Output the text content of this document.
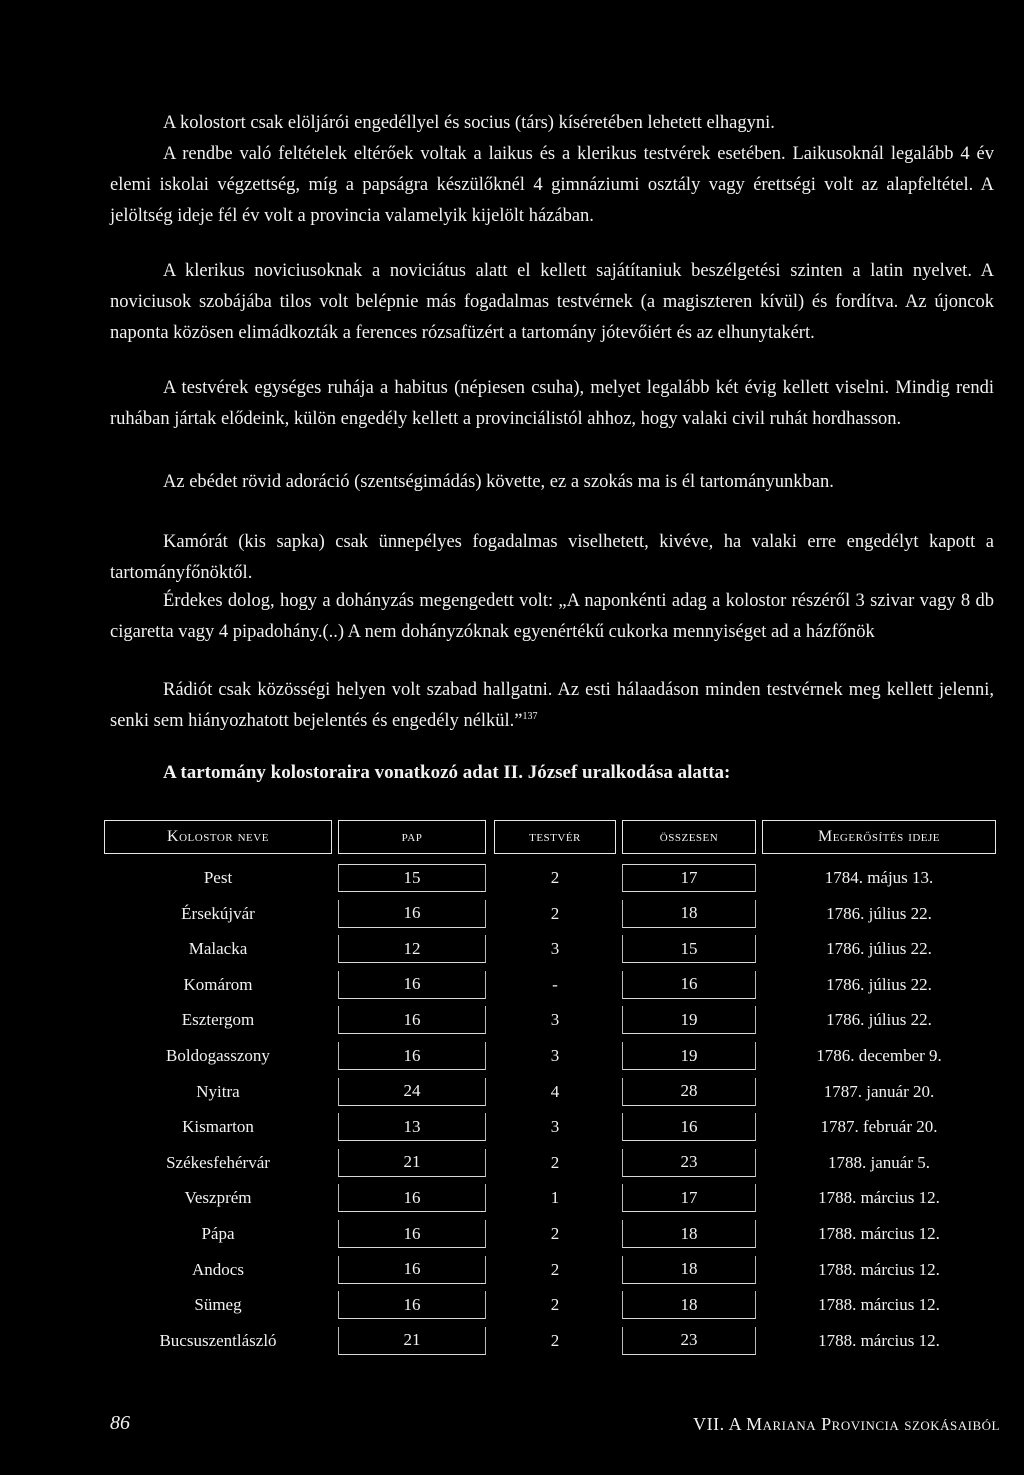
A kolostort csak elöljárói engedéllyel és socius (társ) kíséretében lehetett elhagyni.

A rendbe való feltételek eltérőek voltak a laikus és a klerikus testvérek esetében. Laikusoknál legalább 4 év elemi iskolai végzettség, míg a papságra készülőknél 4 gimnáziumi osztály vagy érettségi volt az alapfeltétel. A jelöltség ideje fél év volt a provincia valamelyik kijelölt házában.

A klerikus noviciusoknak a noviciátus alatt el kellett sajátítaniuk beszélgetési szinten a latin nyelvet. A noviciusok szobájába tilos volt belépnie más fogadalmas testvérnek (a magiszteren kívül) és fordítva. Az újoncok naponta közösen elimádkozták a ferences rózsafüzért a tartomány jótevőiért és az elhunytakért.

A testvérek egységes ruhája a habitus (népiesen csuha), melyet legalább két évig kellett viselni. Mindig rendi ruhában jártak elődeink, külön engedély kellett a provinciálistól ahhoz, hogy valaki civil ruhát hordhasson.

Az ebédet rövid adoráció (szentségimádás) követte, ez a szokás ma is él tartományunkban.

Kamórát (kis sapka) csak ünnepélyes fogadalmas viselhetett, kivéve, ha valaki erre engedélyt kapott a tartományfőnöktől.

Érdekes dolog, hogy a dohányzás megengedett volt: „A naponkénti adag a kolostor részéről 3 szivar vagy 8 db cigaretta vagy 4 pipadohány.(..) A nem dohányzóknak egyenértékű cukorka mennyiséget ad a házfőnök

Rádiót csak közösségi helyen volt szabad hallgatni. Az esti hálaadáson minden testvérnek meg kellett jelenni, senki sem hiányozhatott bejelentés és engedély nélkül.”$^{137}$

A tartomány kolostoraira vonatkozó adat II. József uralkodása alatta:

Kolostor neve	pap	testvér	összesen	Megerősítés ideje
Pest	15	2	17	1784. május 13.
Érsekújvár	16	2	18	1786. július 22.
Malacka	12	3	15	1786. július 22.
Komárom	16	-	16	1786. július 22.
Esztergom	16	3	19	1786. július 22.
Boldogasszony	16	3	19	1786. december 9.
Nyitra	24	4	28	1787. január 20.
Kismarton	13	3	16	1787. február 20.
Székesfehérvár	21	2	23	1788. január 5.
Veszprém	16	1	17	1788. március 12.
Pápa	16	2	18	1788. március 12.
Andocs	16	2	18	1788. március 12.
Sümeg	16	2	18	1788. március 12.
Bucsuszentlászló	21	2	23	1788. március 12.
86	VII. A Mariana Provincia szokásaiból
